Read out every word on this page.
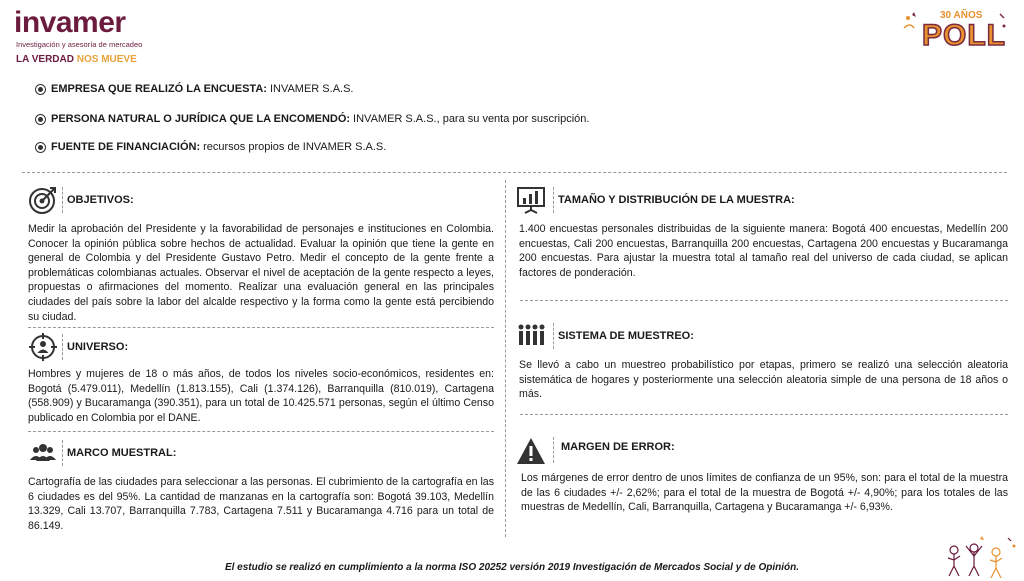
invamer
Investigación y asesoría de mercadeo
LA VERDAD NOS MUEVE
30 AÑOS
POLL
EMPRESA QUE REALIZÓ LA ENCUESTA: INVAMER S.A.S.
PERSONA NATURAL O JURÍDICA QUE LA ENCOMENDÓ: INVAMER S.A.S., para su venta por suscripción.
FUENTE DE FINANCIACIÓN: recursos propios de INVAMER S.A.S.
OBJETIVOS:
Medir la aprobación del Presidente y la favorabilidad de personajes e instituciones en Colombia. Conocer la opinión pública sobre hechos de actualidad. Evaluar la opinión que tiene la gente en general de Colombia y del Presidente Gustavo Petro. Medir el concepto de la gente frente a problemáticas colombianas actuales. Observar el nivel de aceptación de la gente respecto a leyes, propuestas o afirmaciones del momento. Realizar una evaluación general en las principales ciudades del país sobre la labor del alcalde respectivo y la forma como la gente está percibiendo su ciudad.
UNIVERSO:
Hombres y mujeres de 18 o más años, de todos los niveles socio-económicos, residentes en: Bogotá (5.479.011), Medellín (1.813.155), Cali (1.374.126), Barranquilla (810.019), Cartagena (558.909) y Bucaramanga (390.351), para un total de 10.425.571 personas, según el último Censo publicado en Colombia por el DANE.
MARCO MUESTRAL:
Cartografía de las ciudades para seleccionar a las personas. El cubrimiento de la cartografía en las 6 ciudades es del 95%. La cantidad de manzanas en la cartografía son: Bogotá 39.103, Medellín 13.329, Cali 13.707, Barranquilla 7.783, Cartagena 7.511 y Bucaramanga 4.716 para un total de 86.149.
TAMAÑO Y DISTRIBUCIÓN DE LA MUESTRA:
1.400 encuestas personales distribuidas de la siguiente manera: Bogotá 400 encuestas, Medellín 200 encuestas, Cali 200 encuestas, Barranquilla 200 encuestas, Cartagena 200 encuestas y Bucaramanga 200 encuestas. Para ajustar la muestra total al tamaño real del universo de cada ciudad, se aplican factores de ponderación.
SISTEMA DE MUESTREO:
Se llevó a cabo un muestreo probabilístico por etapas, primero se realizó una selección aleatoria sistemática de hogares y posteriormente una selección aleatoria simple de una persona de 18 años o más.
MARGEN DE ERROR:
Los márgenes de error dentro de unos límites de confianza de un 95%, son: para el total de la muestra de las 6 ciudades +/- 2,62%; para el total de la muestra de Bogotá +/- 4,90%; para los totales de las muestras de Medellín, Cali, Barranquilla, Cartagena y Bucaramanga +/- 6,93%.
El estudio se realizó en cumplimiento a la norma ISO 20252 versión 2019 Investigación de Mercados Social y de Opinión.
